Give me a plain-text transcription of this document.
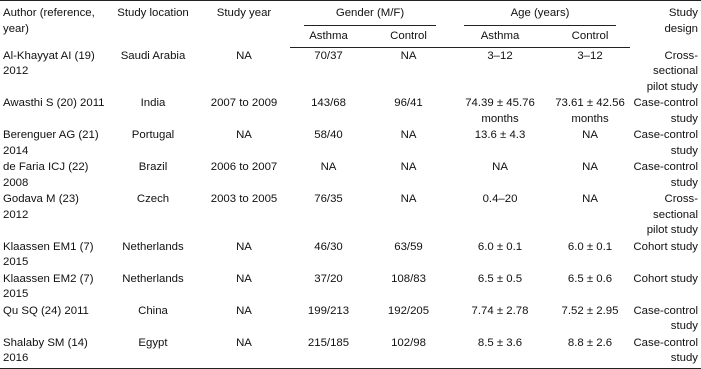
Author (reference, year)	Study location	Study year	Gender (M/F)		Age (years)		Study design
			Asthma	Control	Asthma	Control	
Al-Khayyat AI (19) 2012	Saudi Arabia	NA	70/37	NA	3–12	3–12	Cross-sectional pilot study
Awasthi S (20) 2011	India	2007 to 2009	143/68	96/41	74.39 ± 45.76 months	73.61 ± 42.56 months	Case-control study
Berenguer AG (21) 2014	Portugal	NA	58/40	NA	13.6 ± 4.3	NA	Case-control study
de Faria ICJ (22) 2008	Brazil	2006 to 2007	NA	NA	NA	NA	Case-control study
Godava M (23) 2012	Czech	2003 to 2005	76/35	NA	0.4–20	NA	Cross-sectional pilot study
Klaassen EM1 (7) 2015	Netherlands	NA	46/30	63/59	6.0 ± 0.1	6.0 ± 0.1	Cohort study
Klaassen EM2 (7) 2015	Netherlands	NA	37/20	108/83	6.5 ± 0.5	6.5 ± 0.6	Cohort study
Qu SQ (24) 2011	China	NA	199/213	192/205	7.74 ± 2.78	7.52 ± 2.95	Case-control study
Shalaby SM (14) 2016	Egypt	NA	215/185	102/98	8.5 ± 3.6	8.8 ± 2.6	Case-control study
